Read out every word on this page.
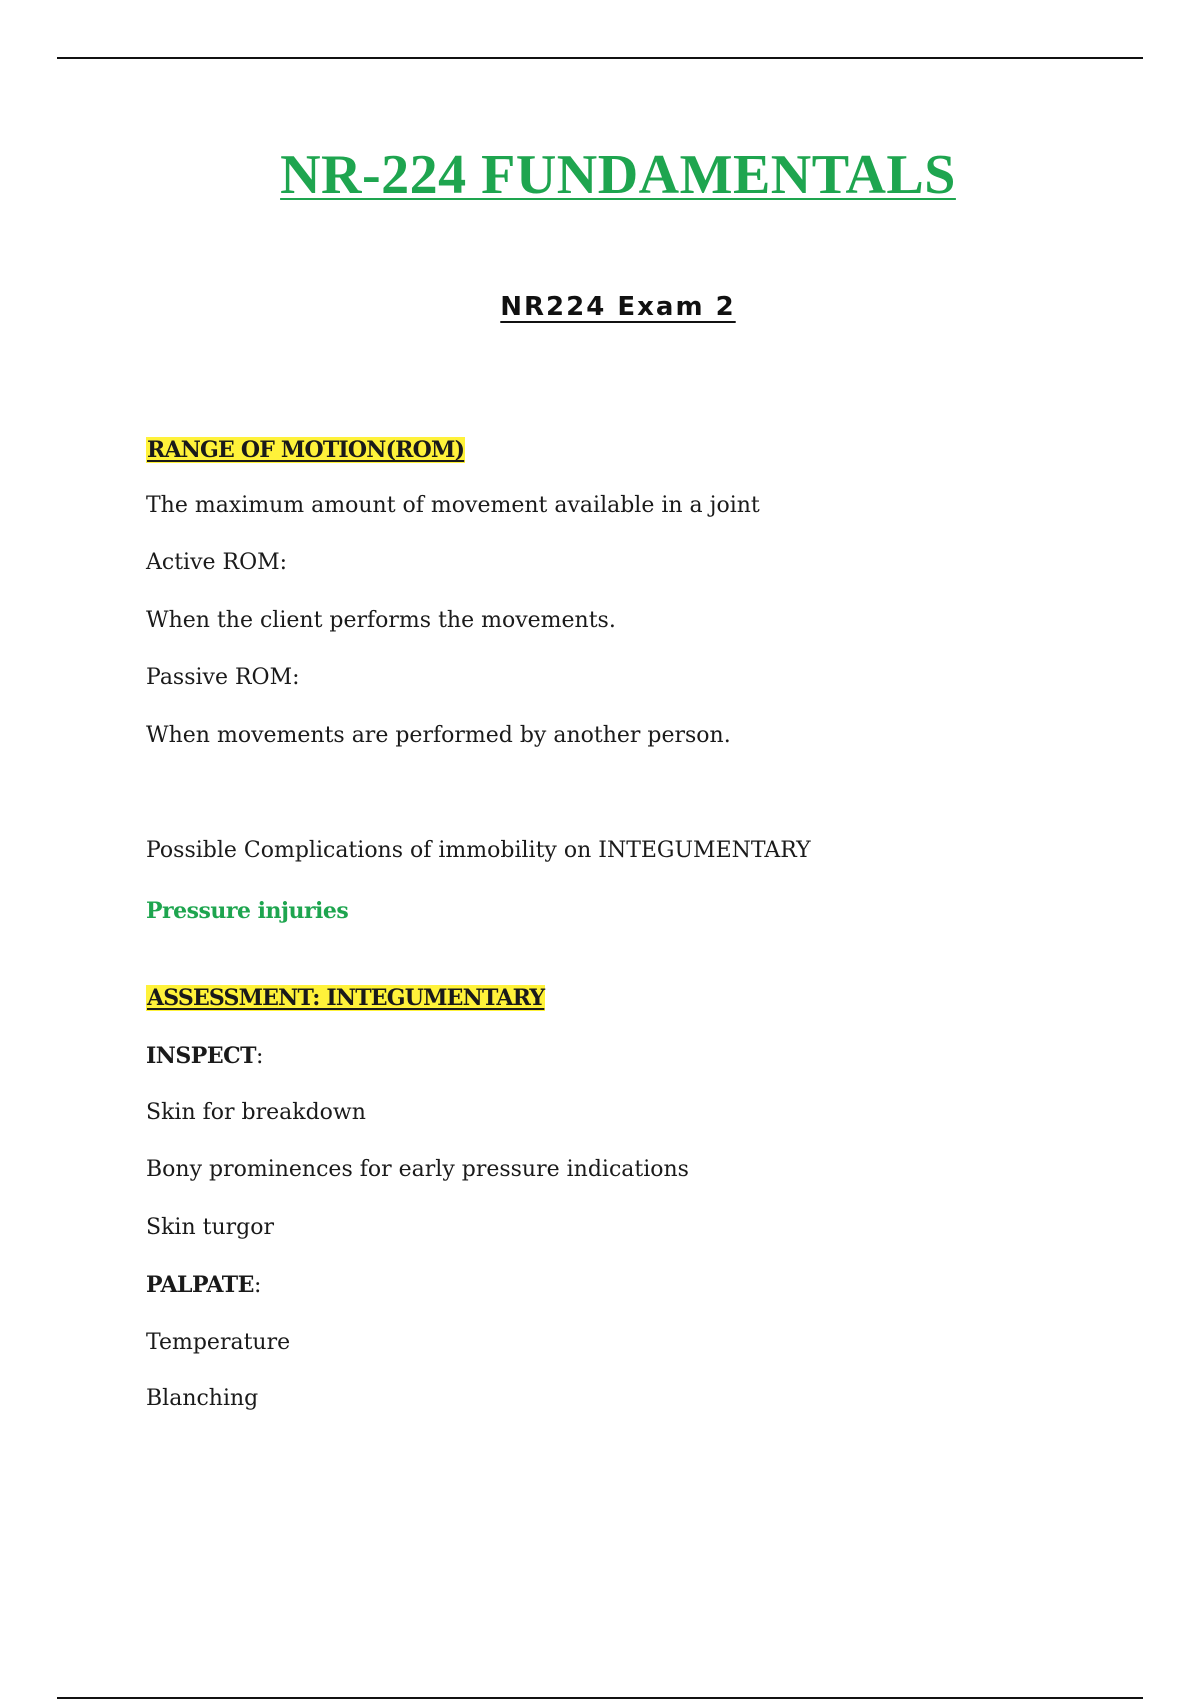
NR-224 FUNDAMENTALS
NR224 Exam 2

RANGE OF MOTION(ROM)

The maximum amount of movement available in a joint

Active ROM:

When the client performs the movements.

Passive ROM:

When movements are performed by another person.

Possible Complications of immobility on INTEGUMENTARY

Pressure injuries

ASSESSMENT: INTEGUMENTARY

INSPECT:

Skin for breakdown

Bony prominences for early pressure indications

Skin turgor

PALPATE:

Temperature

Blanching
